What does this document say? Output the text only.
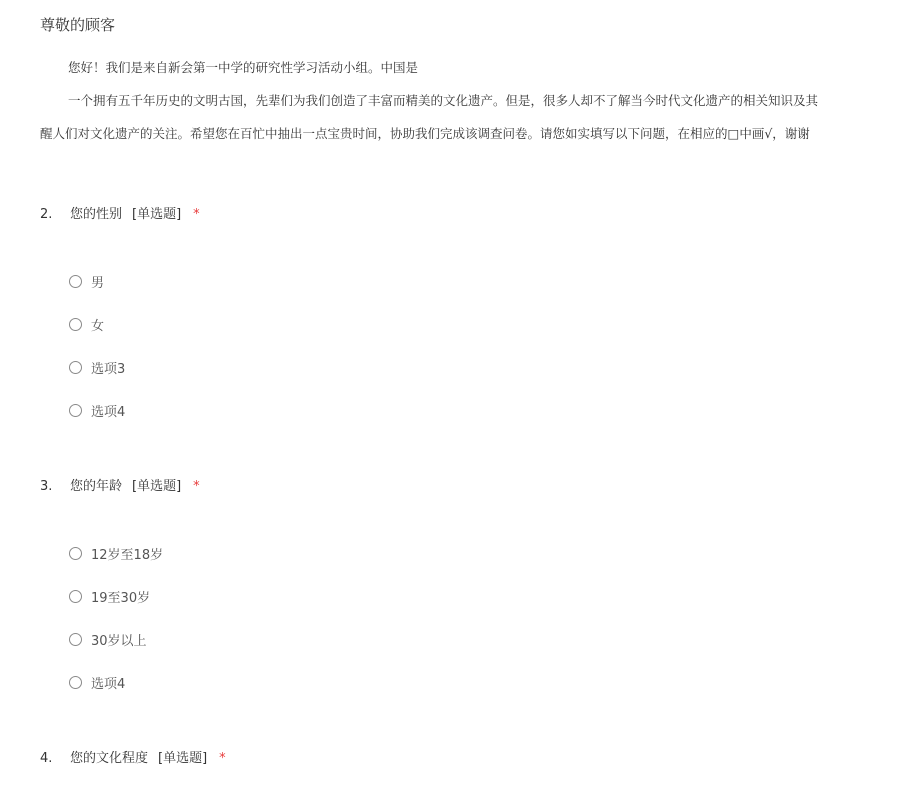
尊敬的顾客
您好！我们是来自新会第一中学的研究性学习活动小组。中国是
一个拥有五千年历史的文明古国，先辈们为我们创造了丰富而精美的文化遗产。但是，很多人却不了解当今时代文化遗产的相关知识及其
醒人们对文化遗产的关注。希望您在百忙中抽出一点宝贵时间，协助我们完成该调查问卷。请您如实填写以下问题，在相应的□中画√，谢谢
2. 您的性别 [单选题] *
男
女
选项3
选项4
3. 您的年龄 [单选题] *
12岁至18岁
19至30岁
30岁以上
选项4
4. 您的文化程度 [单选题] *
